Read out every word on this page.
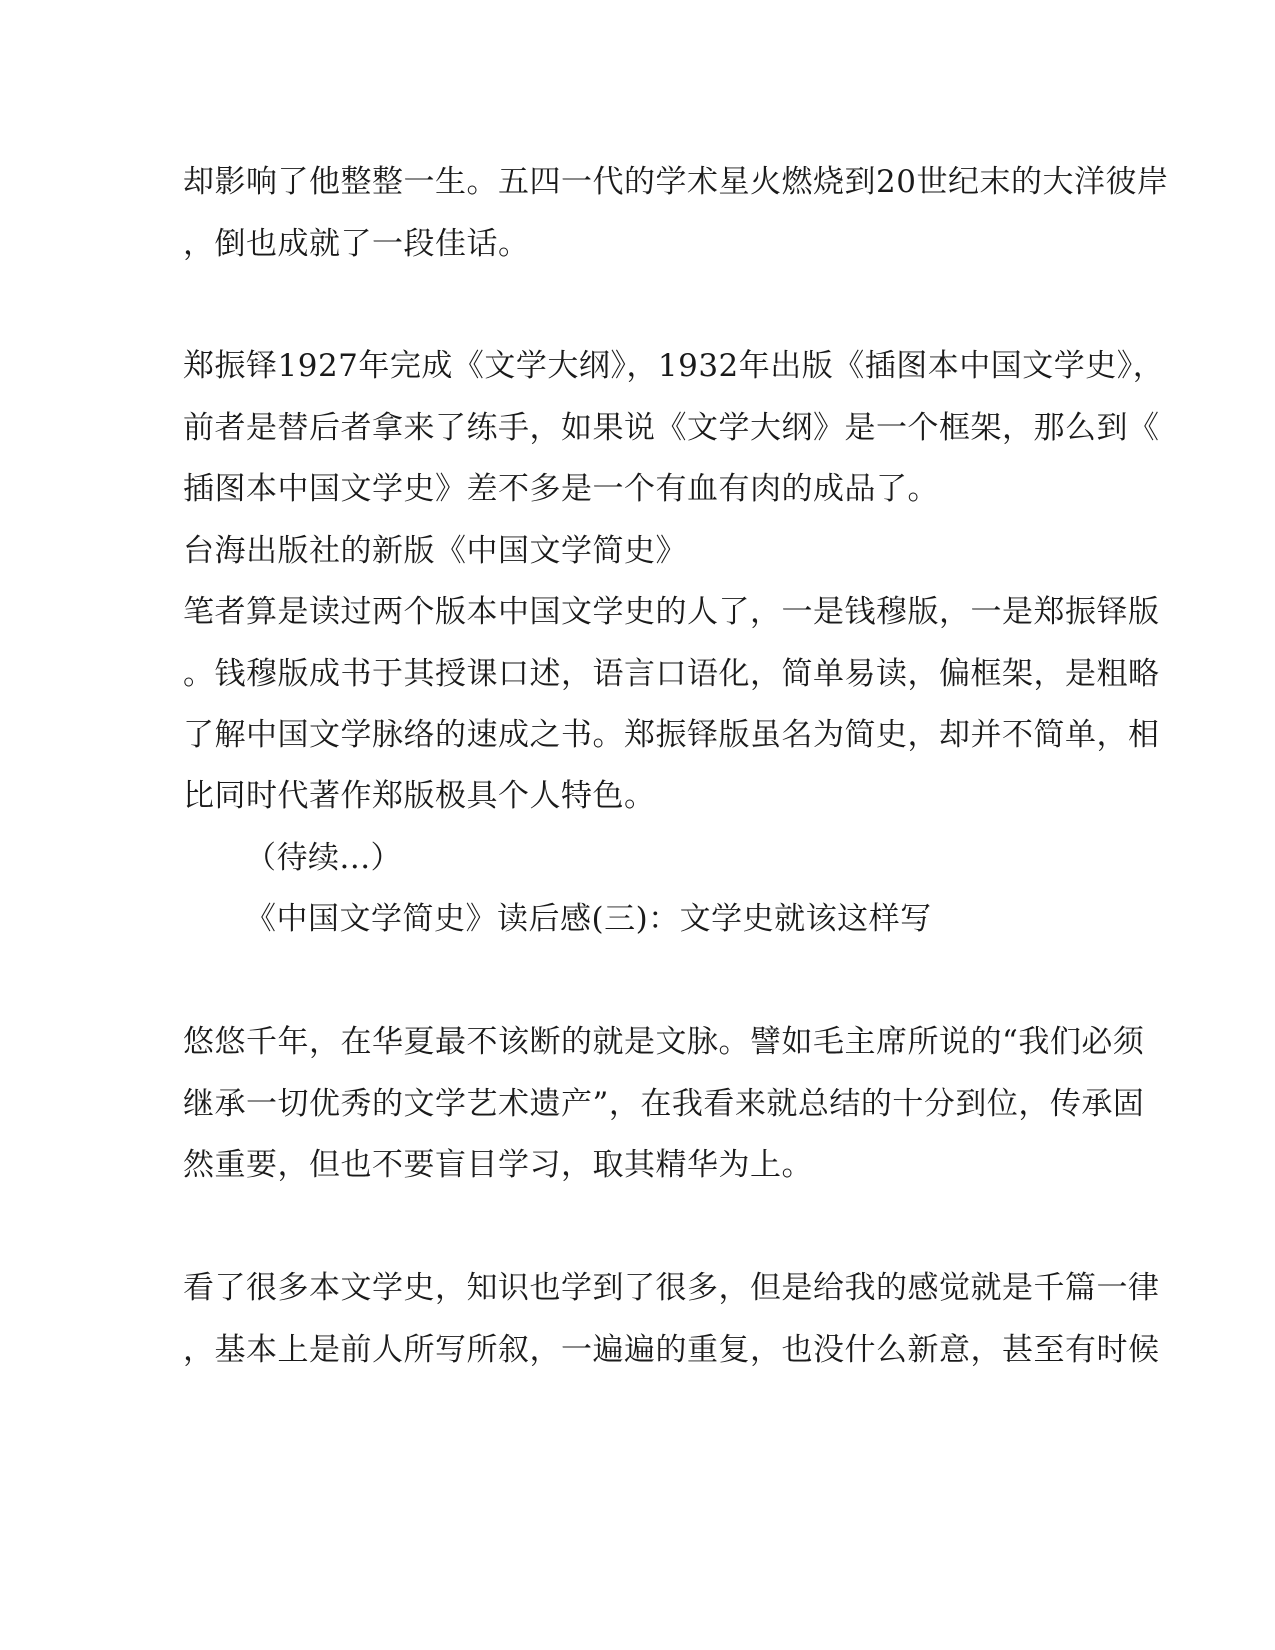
却影响了他整整一生。五四一代的学术星火燃烧到20世纪末的大洋彼岸
，倒也成就了一段佳话。
郑振铎1927年完成《文学大纲》，1932年出版《插图本中国文学史》，
前者是替后者拿来了练手，如果说《文学大纲》是一个框架，那么到《
插图本中国文学史》差不多是一个有血有肉的成品了。
台海出版社的新版《中国文学简史》
笔者算是读过两个版本中国文学史的人了，一是钱穆版，一是郑振铎版
。钱穆版成书于其授课口述，语言口语化，简单易读，偏框架，是粗略
了解中国文学脉络的速成之书。郑振铎版虽名为简史，却并不简单，相
比同时代著作郑版极具个人特色。
（待续...）
《中国文学简史》读后感(三)：文学史就该这样写
悠悠千年，在华夏最不该断的就是文脉。譬如毛主席所说的“我们必须
继承一切优秀的文学艺术遗产”，在我看来就总结的十分到位，传承固
然重要，但也不要盲目学习，取其精华为上。
看了很多本文学史，知识也学到了很多，但是给我的感觉就是千篇一律
，基本上是前人所写所叙，一遍遍的重复，也没什么新意，甚至有时候
